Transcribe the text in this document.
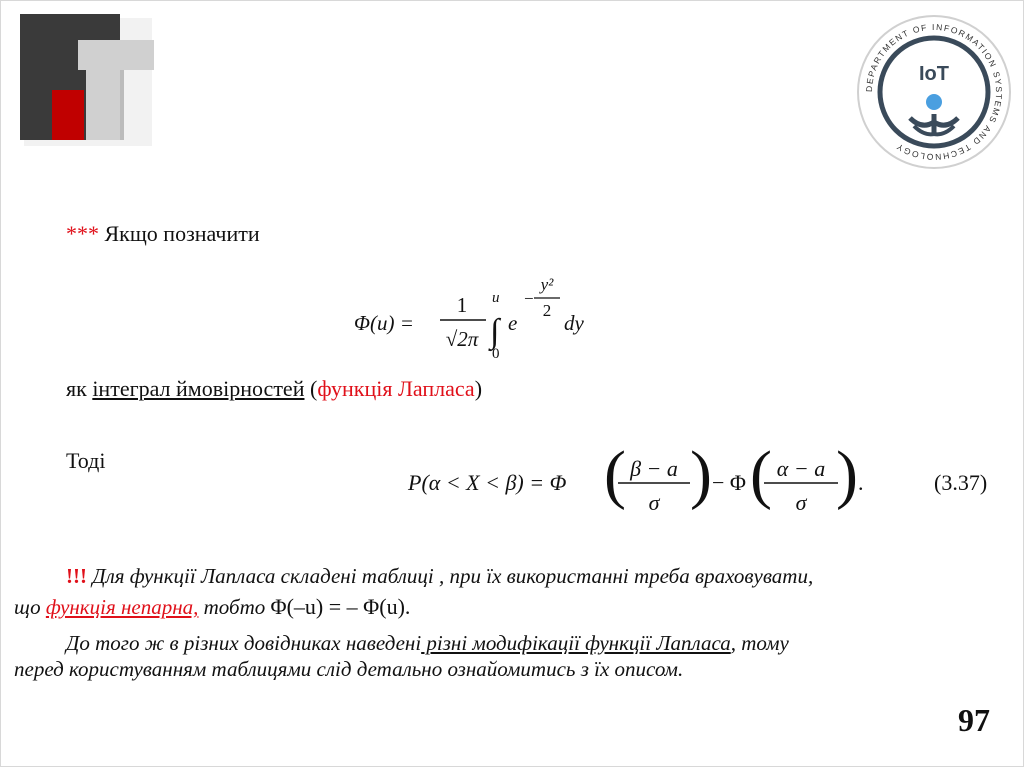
DEPARTMENT OF INFORMATION SYSTEMS AND TECHNOLOGY
IoT
*** Якщо позначити
Φ(u) =
1
√2π
u
∫
0
e
−
y²
2
dy
як інтеграл ймовірностей (функція Лапласа)
Тоді
P(α < X < β) = Φ ( β − a
σ ) − Φ ( α − a
σ ) .	(3.37)
!!! Для функції Лапласа складені таблиці , при їх використанні треба враховувати,
що функція непарна, тобто Φ(–u) = – Φ(u).
До того ж в різних довідниках наведені різні модифікації функції Лапласа, тому
перед користуванням таблицями слід детально ознайомитись з їх описом.
97
